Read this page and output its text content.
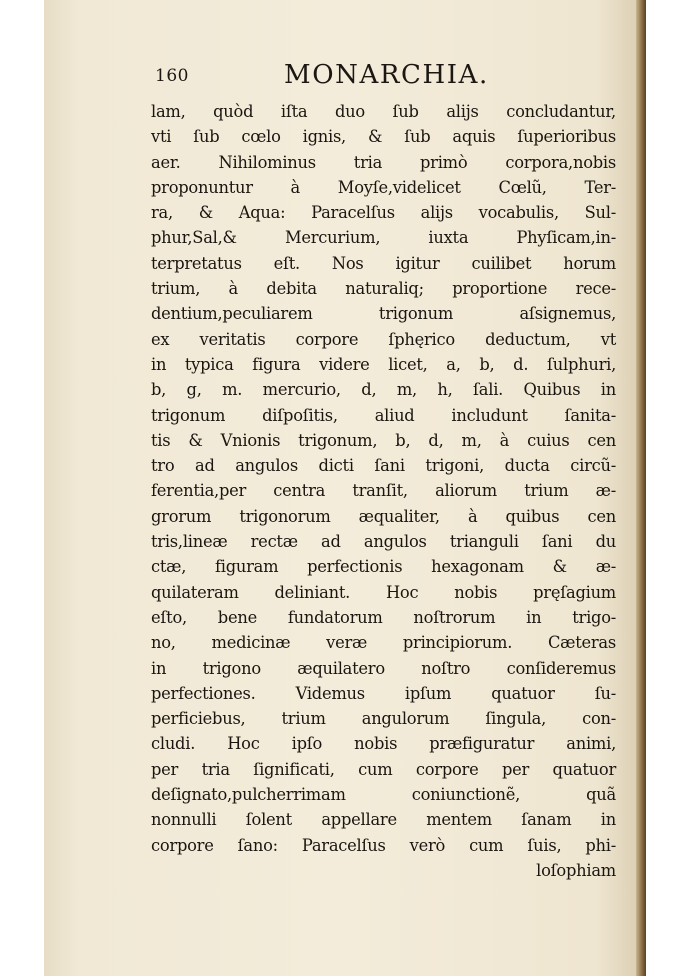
160	MONARCHIA.
lam, quòd iſta duo ſub alijs concludantur,
vti ſub cœlo ignis, & ſub aquis ſuperioribus
aer. Nihilominus tria primò corpora,nobis
proponuntur à Moyſe,videlicet Cœlũ, Ter-
ra, & Aqua: Paracelſus alijs vocabulis, Sul-
phur,Sal,& Mercurium, iuxta Phyſicam,in-
terpretatus eſt. Nos igitur cuilibet horum
trium, à debita naturaliq; proportione rece-
dentium,peculiarem trigonum aſsignemus,
ex veritatis corpore ſphęrico deductum, vt
in typica figura videre licet, a, b, d. ſulphuri,
b, g, m. mercurio, d, m, h, ſali. Quibus in
trigonum diſpoſitis, aliud includunt ſanita-
tis & Vnionis trigonum, b, d, m, à cuius cen
tro ad angulos dicti ſani trigoni, ducta circũ-
ferentia,per centra tranſit, aliorum trium æ-
grorum trigonorum æqualiter, à quibus cen
tris,lineæ rectæ ad angulos trianguli ſani du
ctæ, figuram perfectionis hexagonam & æ-
quilateram deliniant. Hoc nobis pręſagium
eſto, bene fundatorum noſtrorum in trigo-
no, medicinæ veræ principiorum. Cæteras
in trigono æquilatero noſtro conſideremus
perfectiones. Videmus ipſum quatuor ſu-
perficiebus, trium angulorum ſingula, con-
cludi. Hoc ipſo nobis præfiguratur animi,
per tria ſignificati, cum corpore per quatuor
deſignato,pulcherrimam coniunctionẽ, quã
nonnulli ſolent appellare mentem ſanam in
corpore ſano: Paracelſus verò cum ſuis, phi-
loſophiam
